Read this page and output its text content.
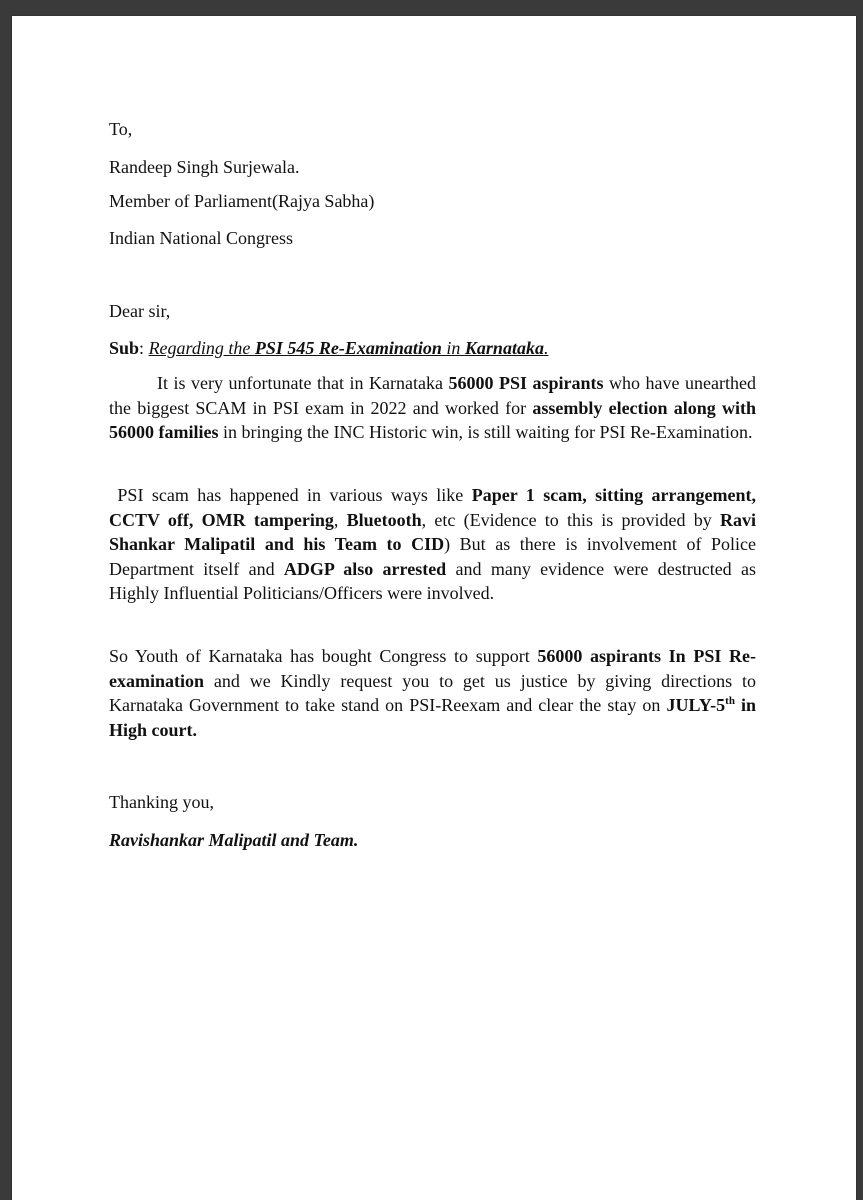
To,
Randeep Singh Surjewala.
Member of Parliament(Rajya Sabha)
Indian National Congress
Dear sir,
Sub: Regarding the PSI 545 Re-Examination in Karnataka.
It is very unfortunate that in Karnataka 56000 PSI aspirants who have unearthed the biggest SCAM in PSI exam in 2022 and worked for assembly election along with 56000 families in bringing the INC Historic win, is still waiting for PSI Re-Examination.
PSI scam has happened in various ways like Paper 1 scam, sitting arrangement, CCTV off, OMR tampering, Bluetooth, etc (Evidence to this is provided by Ravi Shankar Malipatil and his Team to CID) But as there is involvement of Police Department itself and ADGP also arrested and many evidence were destructed as Highly Influential Politicians/Officers were involved.
So Youth of Karnataka has bought Congress to support 56000 aspirants In PSI Re-examination and we Kindly request you to get us justice by giving directions to Karnataka Government to take stand on PSI-Reexam and clear the stay on JULY-5th in High court.
Thanking you,
Ravishankar Malipatil and Team.
